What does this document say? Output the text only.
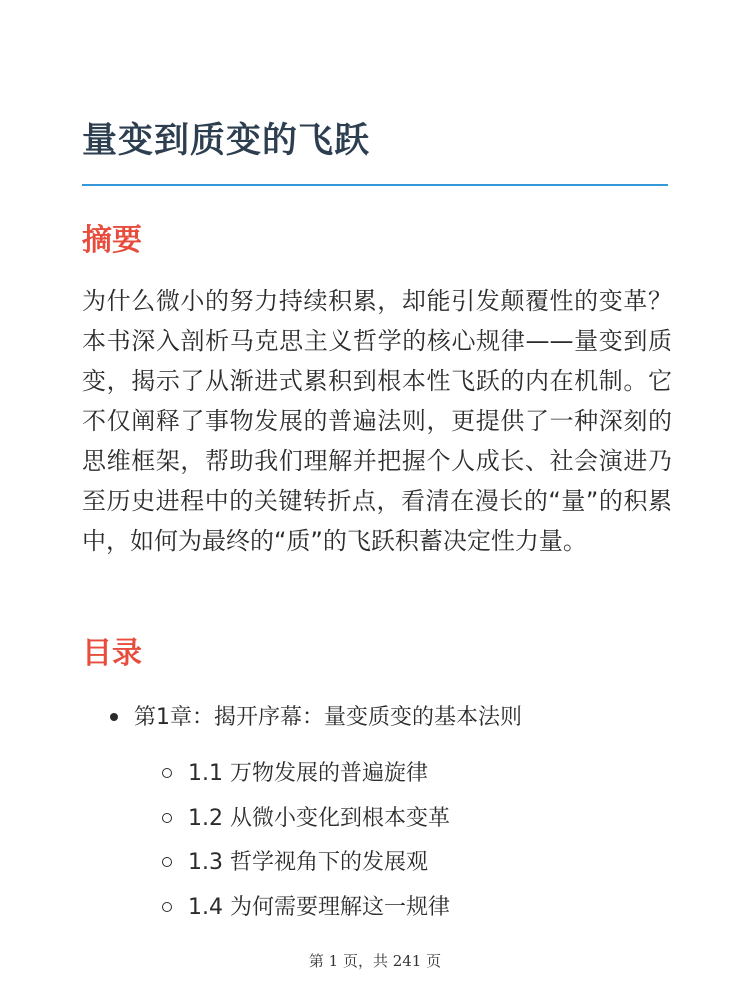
量变到质变的飞跃
摘要

为什么微小的努力持续积累，却能引发颠覆性的变革？本书深入剖析马克思主义哲学的核心规律——量变到质变，揭示了从渐进式累积到根本性飞跃的内在机制。它不仅阐释了事物发展的普遍法则，更提供了一种深刻的思维框架，帮助我们理解并把握个人成长、社会演进乃至历史进程中的关键转折点，看清在漫长的“量”的积累中，如何为最终的“质”的飞跃积蓄决定性力量。

目录
第1章：揭开序幕：量变质变的基本法则
1.1 万物发展的普遍旋律
1.2 从微小变化到根本变革
1.3 哲学视角下的发展观
1.4 为何需要理解这一规律
第 1 页，共 241 页
